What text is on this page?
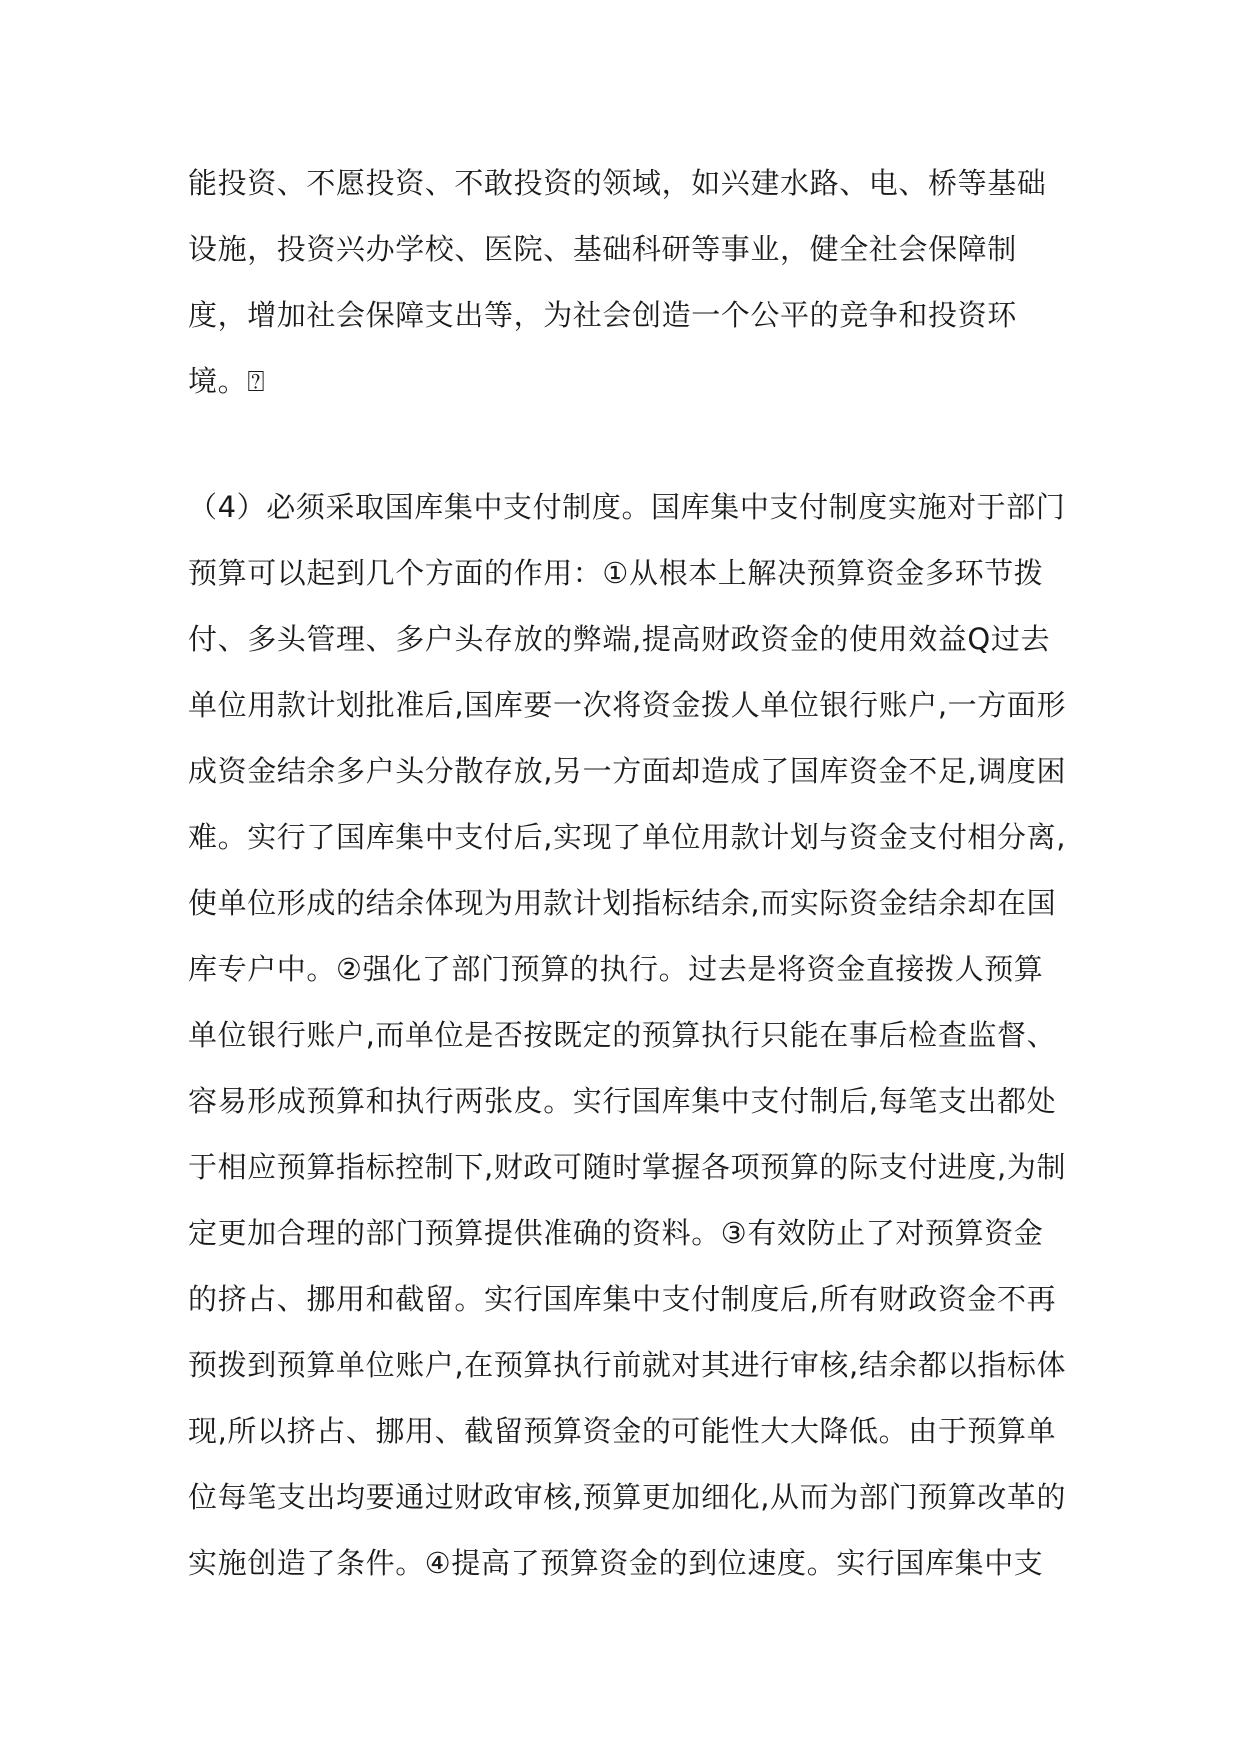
能投资、不愿投资、不敢投资的领域，如兴建水路、电、桥等基础
设施，投资兴办学校、医院、基础科研等事业，健全社会保障制
度，增加社会保障支出等，为社会创造一个公平的竞争和投资环
境。⍰
（4）必须采取国库集中支付制度。国库集中支付制度实施对于部门
预算可以起到几个方面的作用：①从根本上解决预算资金多环节拨
付、多头管理、多户头存放的弊端,提高财政资金的使用效益Q过去
单位用款计划批准后,国库要一次将资金拨人单位银行账户,一方面形
成资金结余多户头分散存放,另一方面却造成了国库资金不足,调度困
难。实行了国库集中支付后,实现了单位用款计划与资金支付相分离,
使单位形成的结余体现为用款计划指标结余,而实际资金结余却在国
库专户中。②强化了部门预算的执行。过去是将资金直接拨人预算
单位银行账户,而单位是否按既定的预算执行只能在事后检查监督、
容易形成预算和执行两张皮。实行国库集中支付制后,每笔支出都处
于相应预算指标控制下,财政可随时掌握各项预算的际支付进度,为制
定更加合理的部门预算提供准确的资料。③有效防止了对预算资金
的挤占、挪用和截留。实行国库集中支付制度后,所有财政资金不再
预拨到预算单位账户,在预算执行前就对其进行审核,结余都以指标体
现,所以挤占、挪用、截留预算资金的可能性大大降低。由于预算单
位每笔支出均要通过财政审核,预算更加细化,从而为部门预算改革的
实施创造了条件。④提高了预算资金的到位速度。实行国库集中支
